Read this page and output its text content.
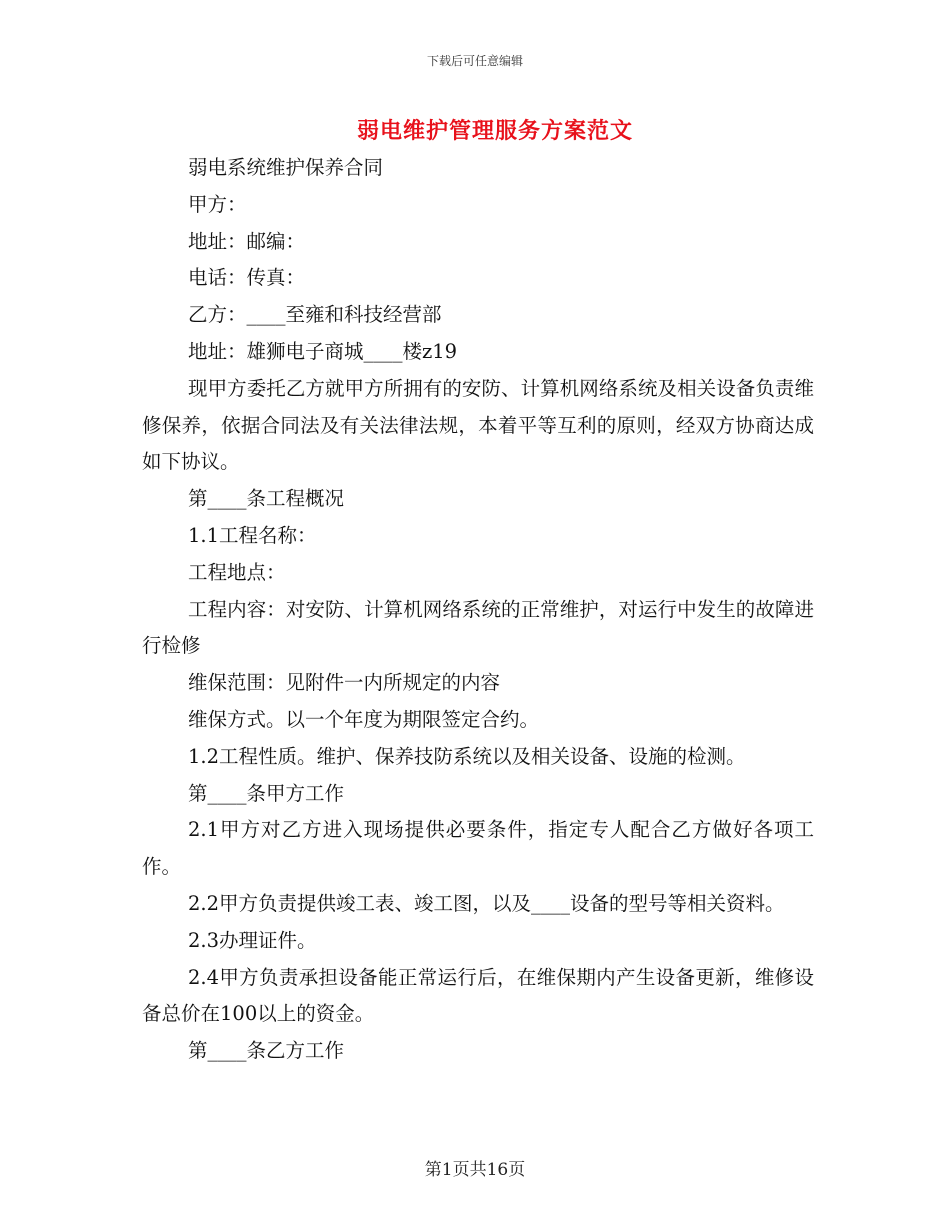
下载后可任意编辑
弱电维护管理服务方案范文

弱电系统维护保养合同

甲方：

地址：邮编：

电话：传真：

乙方：____至雍和科技经营部

地址：雄狮电子商城____楼z19

现甲方委托乙方就甲方所拥有的安防、计算机网络系统及相关设备负责维修保养，依据合同法及有关法律法规，本着平等互利的原则，经双方协商达成如下协议。

第____条工程概况

1.1工程名称：

工程地点：

工程内容：对安防、计算机网络系统的正常维护，对运行中发生的故障进行检修

维保范围：见附件一内所规定的内容

维保方式。以一个年度为期限签定合约。

1.2工程性质。维护、保养技防系统以及相关设备、设施的检测。

第____条甲方工作

2.1甲方对乙方进入现场提供必要条件，指定专人配合乙方做好各项工作。

2.2甲方负责提供竣工表、竣工图，以及____设备的型号等相关资料。

2.3办理证件。

2.4甲方负责承担设备能正常运行后，在维保期内产生设备更新，维修设备总价在100以上的资金。

第____条乙方工作

第1页共16页
